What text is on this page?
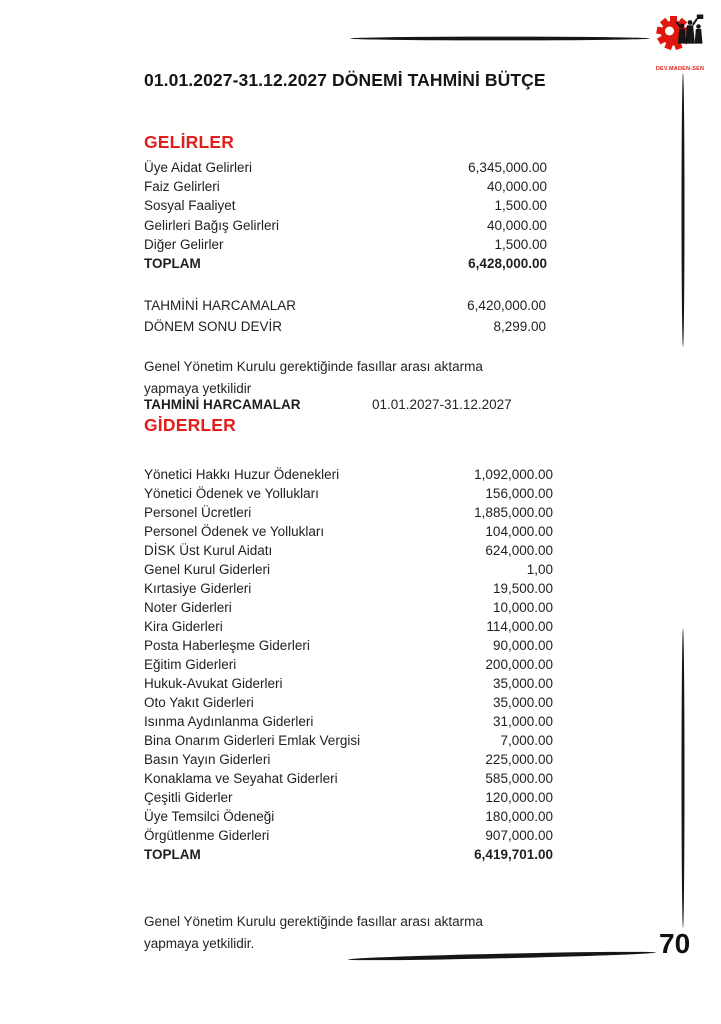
DEV.MADEN-SEN
01.01.2027-31.12.2027 DÖNEMİ TAHMİNİ BÜTÇE
GELİRLER
Üye Aidat Gelirleri	6,345,000.00
Faiz Gelirleri	40,000.00
Sosyal Faaliyet	1,500.00
Gelirleri Bağış Gelirleri	40,000.00
Diğer Gelirler	1,500.00
TOPLAM	6,428,000.00
TAHMİNİ HARCAMALAR	6,420,000.00
DÖNEM SONU DEVİR	8,299.00

Genel Yönetim Kurulu gerektiğinde fasıllar arası aktarma
yapmaya yetkilidir

TAHMİNİ HARCAMALAR	01.01.2027-31.12.2027
GİDERLER
Yönetici Hakkı Huzur Ödenekleri	1,092,000.00
Yönetici Ödenek ve Yollukları	156,000.00
Personel Ücretleri	1,885,000.00
Personel Ödenek ve Yollukları	104,000.00
DİSK Üst Kurul Aidatı	624,000.00
Genel Kurul Giderleri	1,00
Kırtasiye Giderleri	19,500.00
Noter Giderleri	10,000.00
Kira Giderleri	114,000.00
Posta Haberleşme Giderleri	90,000.00
Eğitim Giderleri	200,000.00
Hukuk-Avukat Giderleri	35,000.00
Oto Yakıt Giderleri	35,000.00
Isınma Aydınlanma Giderleri	31,000.00
Bina Onarım Giderleri Emlak Vergisi	7,000.00
Basın Yayın Giderleri	225,000.00
Konaklama ve Seyahat Giderleri	585,000.00
Çeşitli Giderler	120,000.00
Üye Temsilci Ödeneği	180,000.00
Örgütlenme Giderleri	907,000.00
TOPLAM	6,419,701.00

Genel Yönetim Kurulu gerektiğinde fasıllar arası aktarma
yapmaya yetkilidir.	70
